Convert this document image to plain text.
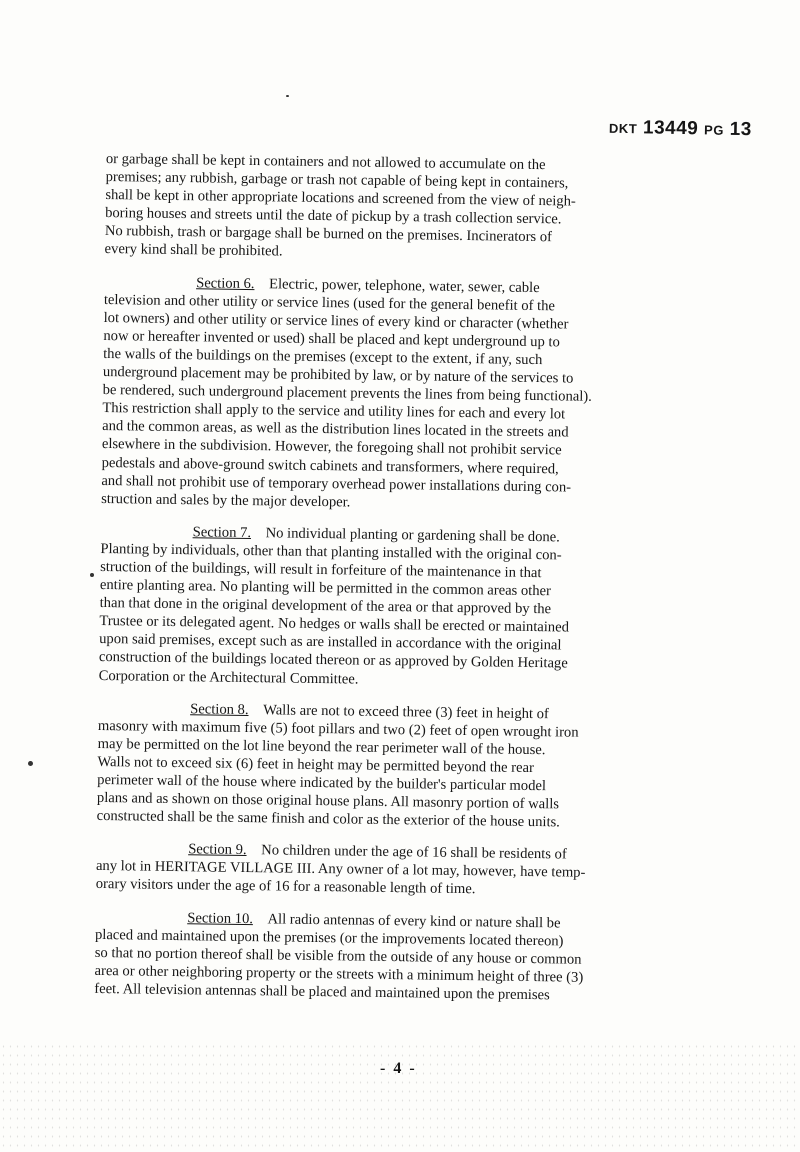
DKT 13449 PG 13
or garbage shall be kept in containers and not allowed to accumulate on the
premises; any rubbish, garbage or trash not capable of being kept in containers,
shall be kept in other appropriate locations and screened from the view of neigh-
boring houses and streets until the date of pickup by a trash collection service.
No rubbish, trash or bargage shall be burned on the premises. Incinerators of
every kind shall be prohibited.
Section 6. Electric, power, telephone, water, sewer, cable
television and other utility or service lines (used for the general benefit of the
lot owners) and other utility or service lines of every kind or character (whether
now or hereafter invented or used) shall be placed and kept underground up to
the walls of the buildings on the premises (except to the extent, if any, such
underground placement may be prohibited by law, or by nature of the services to
be rendered, such underground placement prevents the lines from being functional).
This restriction shall apply to the service and utility lines for each and every lot
and the common areas, as well as the distribution lines located in the streets and
elsewhere in the subdivision. However, the foregoing shall not prohibit service
pedestals and above-ground switch cabinets and transformers, where required,
and shall not prohibit use of temporary overhead power installations during con-
struction and sales by the major developer.
Section 7. No individual planting or gardening shall be done.
Planting by individuals, other than that planting installed with the original con-
struction of the buildings, will result in forfeiture of the maintenance in that
entire planting area. No planting will be permitted in the common areas other
than that done in the original development of the area or that approved by the
Trustee or its delegated agent. No hedges or walls shall be erected or maintained
upon said premises, except such as are installed in accordance with the original
construction of the buildings located thereon or as approved by Golden Heritage
Corporation or the Architectural Committee.
Section 8. Walls are not to exceed three (3) feet in height of
masonry with maximum five (5) foot pillars and two (2) feet of open wrought iron
may be permitted on the lot line beyond the rear perimeter wall of the house.
Walls not to exceed six (6) feet in height may be permitted beyond the rear
perimeter wall of the house where indicated by the builder's particular model
plans and as shown on those original house plans. All masonry portion of walls
constructed shall be the same finish and color as the exterior of the house units.
Section 9. No children under the age of 16 shall be residents of
any lot in HERITAGE VILLAGE III. Any owner of a lot may, however, have temp-
orary visitors under the age of 16 for a reasonable length of time.
Section 10. All radio antennas of every kind or nature shall be
placed and maintained upon the premises (or the improvements located thereon)
so that no portion thereof shall be visible from the outside of any house or common
area or other neighboring property or the streets with a minimum height of three (3)
feet. All television antennas shall be placed and maintained upon the premises
- 4 -
